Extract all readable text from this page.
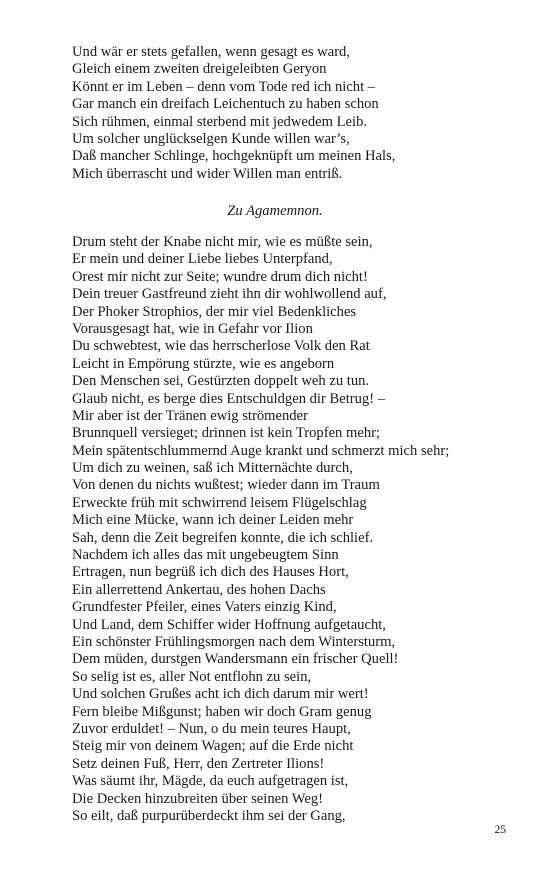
Und wär er stets gefallen, wenn gesagt es ward,
Gleich einem zweiten dreigeleibten Geryon
Könnt er im Leben – denn vom Tode red ich nicht –
Gar manch ein dreifach Leichentuch zu haben schon
Sich rühmen, einmal sterbend mit jedwedem Leib.
Um solcher unglückselgen Kunde willen war’s,
Daß mancher Schlinge, hochgeknüpft um meinen Hals,
Mich überrascht und wider Willen man entriß.
Zu Agamemnon.
Drum steht der Knabe nicht mir, wie es müßte sein,
Er mein und deiner Liebe liebes Unterpfand,
Orest mir nicht zur Seite; wundre drum dich nicht!
Dein treuer Gastfreund zieht ihn dir wohlwollend auf,
Der Phoker Strophios, der mir viel Bedenkliches
Vorausgesagt hat, wie in Gefahr vor Ilion
Du schwebtest, wie das herrscherlose Volk den Rat
Leicht in Empörung stürzte, wie es angeborn
Den Menschen sei, Gestürzten doppelt weh zu tun.
Glaub nicht, es berge dies Entschuldgen dir Betrug! –
Mir aber ist der Tränen ewig strömender
Brunnquell versieget; drinnen ist kein Tropfen mehr;
Mein spätentschlummernd Auge krankt und schmerzt mich sehr;
Um dich zu weinen, saß ich Mitternächte durch,
Von denen du nichts wußtest; wieder dann im Traum
Erweckte früh mit schwirrend leisem Flügelschlag
Mich eine Mücke, wann ich deiner Leiden mehr
Sah, denn die Zeit begreifen konnte, die ich schlief.
Nachdem ich alles das mit ungebeugtem Sinn
Ertragen, nun begrüß ich dich des Hauses Hort,
Ein allerrettend Ankertau, des hohen Dachs
Grundfester Pfeiler, eines Vaters einzig Kind,
Und Land, dem Schiffer wider Hoffnung aufgetaucht,
Ein schönster Frühlingsmorgen nach dem Wintersturm,
Dem müden, durstgen Wandersmann ein frischer Quell!
So selig ist es, aller Not entflohn zu sein,
Und solchen Grußes acht ich dich darum mir wert!
Fern bleibe Mißgunst; haben wir doch Gram genug
Zuvor erduldet! – Nun, o du mein teures Haupt,
Steig mir von deinem Wagen; auf die Erde nicht
Setz deinen Fuß, Herr, den Zertreter Ilions!
Was säumt ihr, Mägde, da euch aufgetragen ist,
Die Decken hinzubreiten über seinen Weg!
So eilt, daß purpurüberdeckt ihm sei der Gang,
25
